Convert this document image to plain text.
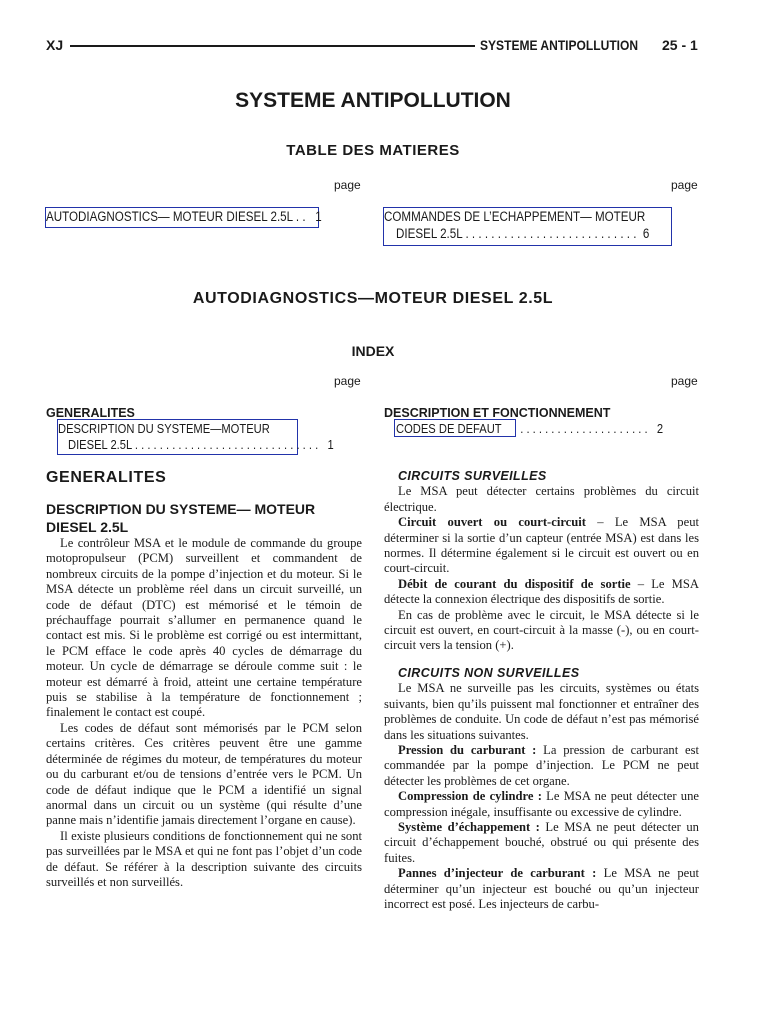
XJ	SYSTEME ANTIPOLLUTION	25 - 1
SYSTEME ANTIPOLLUTION
TABLE DES MATIERES
page	page
AUTODIAGNOSTICS— MOTEUR DIESEL 2.5L . . 1	COMMANDES DE L’ECHAPPEMENT— MOTEUR
DIESEL 2.5L . . . . . . . . . . . . . . . . . . . . . . . . . . . 6
AUTODIAGNOSTICS—MOTEUR DIESEL 2.5L
INDEX
page	page
GENERALITES
DESCRIPTION DU SYSTEME—MOTEUR
DIESEL 2.5L . . . . . . . . . . . . . . . . . . . . . . . . . . . . . . 1
DESCRIPTION ET FONCTIONNEMENT
CODES DE DEFAUT      . . . . . . . . . . . . . . . . . . . . . 2
GENERALITES
DESCRIPTION DU SYSTEME— MOTEUR DIESEL 2.5L

Le contrôleur MSA et le module de commande du groupe motopropulseur (PCM) surveillent et commandent de nombreux circuits de la pompe d’injection et du moteur. Si le MSA détecte un problème réel dans un circuit surveillé, un code de défaut (DTC) est mémorisé et le témoin de préchauffage pourrait s’allumer en permanence quand le contact est mis. Si le problème est corrigé ou est intermittant, le PCM efface le code après 40 cycles de démarrage du moteur. Un cycle de démarrage se déroule comme suit : le moteur est démarré à froid, atteint une certaine température puis se stabilise à la température de fonctionnement ; finalement le contact est coupé.

Les codes de défaut sont mémorisés par le PCM selon certains critères. Ces critères peuvent être une gamme déterminée de régimes du moteur, de températures du moteur ou du carburant et/ou de tensions d’entrée vers le PCM. Un code de défaut indique que le PCM a identifié un signal anormal dans un circuit ou un système (qui résulte d’une panne mais n’identifie jamais directement l’organe en cause).

Il existe plusieurs conditions de fonctionnement qui ne sont pas surveillées par le MSA et qui ne font pas l’objet d’un code de défaut. Se référer à la description suivante des circuits surveillés et non surveillés.

CIRCUITS SURVEILLES

Le MSA peut détecter certains problèmes du circuit électrique.

Circuit ouvert ou court-circuit – Le MSA peut déterminer si la sortie d’un capteur (entrée MSA) est dans les normes. Il détermine également si le circuit est ouvert ou en court-circuit.

Débit de courant du dispositif de sortie – Le MSA détecte la connexion électrique des dispositifs de sortie.

En cas de problème avec le circuit, le MSA détecte si le circuit est ouvert, en court-circuit à la masse (-), ou en court-circuit vers la tension (+).

CIRCUITS NON SURVEILLES

Le MSA ne surveille pas les circuits, systèmes ou états suivants, bien qu’ils puissent mal fonctionner et entraîner des problèmes de conduite. Un code de défaut n’est pas mémorisé dans les situations suivantes.

Pression du carburant : La pression de carburant est commandée par la pompe d’injection. Le PCM ne peut détecter les problèmes de cet organe.

Compression de cylindre : Le MSA ne peut détecter une compression inégale, insuffisante ou excessive de cylindre.

Système d’échappement : Le MSA ne peut détecter un circuit d’échappement bouché, obstrué ou qui présente des fuites.

Pannes d’injecteur de carburant : Le MSA ne peut déterminer qu’un injecteur est bouché ou qu’un injecteur incorrect est posé. Les injecteurs de carbu-
